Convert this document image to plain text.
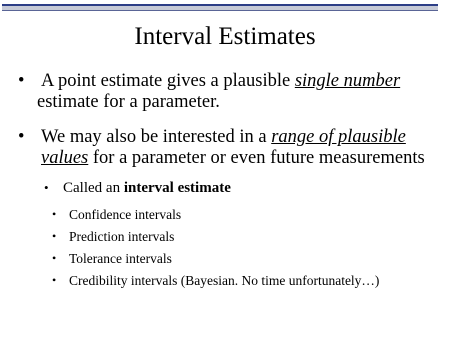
Interval Estimates
• A point estimate gives a plausible single number
estimate for a parameter.
• We may also be interested in a range of plausible
values for a parameter or even future measurements
• Called an interval estimate
• Confidence intervals
• Prediction intervals
• Tolerance intervals
• Credibility intervals (Bayesian. No time unfortunately…)
